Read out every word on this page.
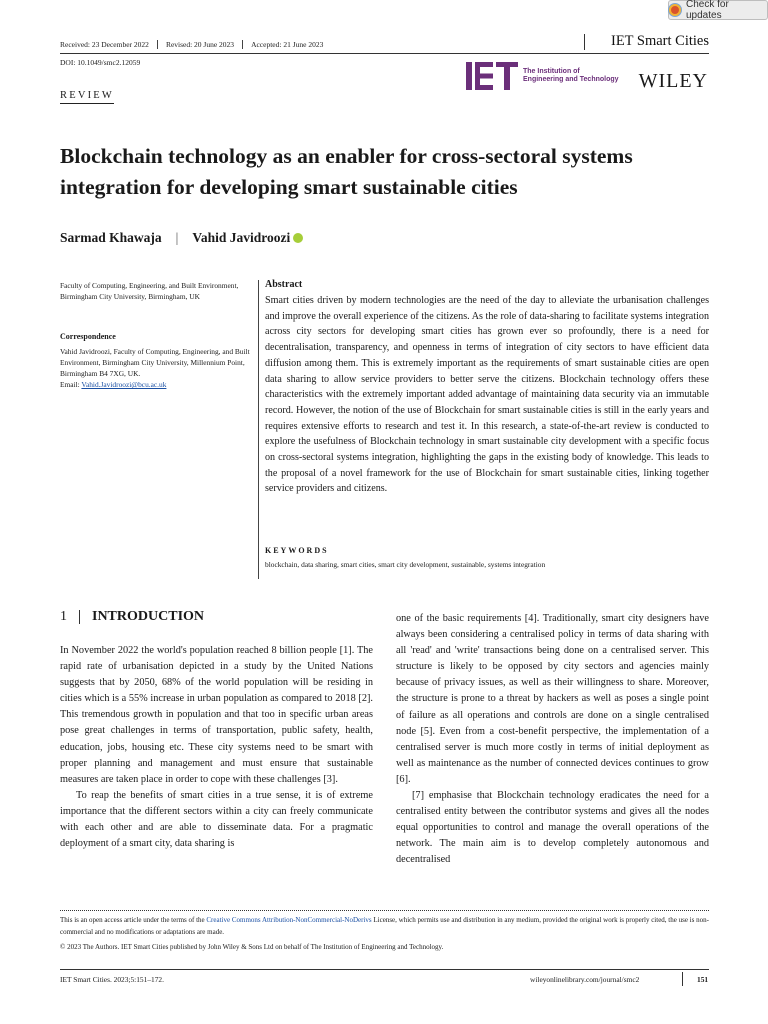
Check for updates
Received: 23 December 2022	Revised: 20 June 2023	Accepted: 21 June 2023	IET Smart Cities
DOI: 10.1049/smc2.12059
The Institution of
Engineering and Technology WILEY
REVIEW
Blockchain technology as an enabler for cross-sectoral systems integration for developing smart sustainable cities
Sarmad Khawaja | Vahid Javidroozi
Faculty of Computing, Engineering, and Built Environment, Birmingham City University, Birmingham, UK
Correspondence
Vahid Javidroozi, Faculty of Computing, Engineering, and Built Environment, Birmingham City University, Millennium Point, Birmingham B4 7XG, UK.
Email: Vahid.Javidroozi@bcu.ac.uk
Abstract

Smart cities driven by modern technologies are the need of the day to alleviate the urbanisation challenges and improve the overall experience of the citizens. As the role of data-sharing to facilitate systems integration across city sectors for developing smart cities has grown ever so profoundly, there is a need for decentralisation, transparency, and openness in terms of integration of city sectors to have efficient data diffusion among them. This is extremely important as the requirements of smart sustainable cities are open data sharing to allow service providers to better serve the citizens. Blockchain technology offers these characteristics with the extremely important added advantage of maintaining data security via an immutable record. However, the notion of the use of Blockchain for smart sustainable cities is still in the early years and requires extensive efforts to research and test it. In this research, a state-of-the-art review is conducted to explore the usefulness of Blockchain technology in smart sustainable city development with a specific focus on cross-sectoral systems integration, highlighting the gaps in the existing body of knowledge. This leads to the proposal of a novel framework for the use of Blockchain for smart sustainable cities, linking together service providers and citizens.

KEYWORDS
blockchain, data sharing, smart cities, smart city development, sustainable, systems integration
1 INTRODUCTION

In November 2022 the world's population reached 8 billion people [1]. The rapid rate of urbanisation depicted in a study by the United Nations suggests that by 2050, 68% of the world population will be residing in cities which is a 55% increase in urban population as compared to 2018 [2]. This tremendous growth in population and that too in specific urban areas pose great challenges in terms of transportation, public safety, health, education, jobs, housing etc. These city systems need to be smart with proper planning and management and must ensure that sustainable measures are taken place in order to cope with these challenges [3].

To reap the benefits of smart cities in a true sense, it is of extreme importance that the different sectors within a city can freely communicate with each other and are able to disseminate data. For a pragmatic deployment of a smart city, data sharing is

one of the basic requirements [4]. Traditionally, smart city designers have always been considering a centralised policy in terms of data sharing with all 'read' and 'write' transactions being done on a centralised server. This structure is likely to be opposed by city sectors and agencies mainly because of privacy issues, as well as their willingness to share. Moreover, the structure is prone to a threat by hackers as well as poses a single point of failure as all operations and controls are done on a single centralised node [5]. Even from a cost-benefit perspective, the implementation of a centralised server is much more costly in terms of initial deployment as well as maintenance as the number of connected devices continues to grow [6].

[7] emphasise that Blockchain technology eradicates the need for a centralised entity between the contributor systems and gives all the nodes equal opportunities to control and manage the overall operations of the network. The main aim is to develop completely autonomous and decentralised

This is an open access article under the terms of the Creative Commons Attribution-NonCommercial-NoDerivs License, which permits use and distribution in any medium, provided the original work is properly cited, the use is non-commercial and no modifications or adaptations are made.
© 2023 The Authors. IET Smart Cities published by John Wiley & Sons Ltd on behalf of The Institution of Engineering and Technology.
IET Smart Cities. 2023;5:151–172.	wileyonlinelibrary.com/journal/smc2	151
